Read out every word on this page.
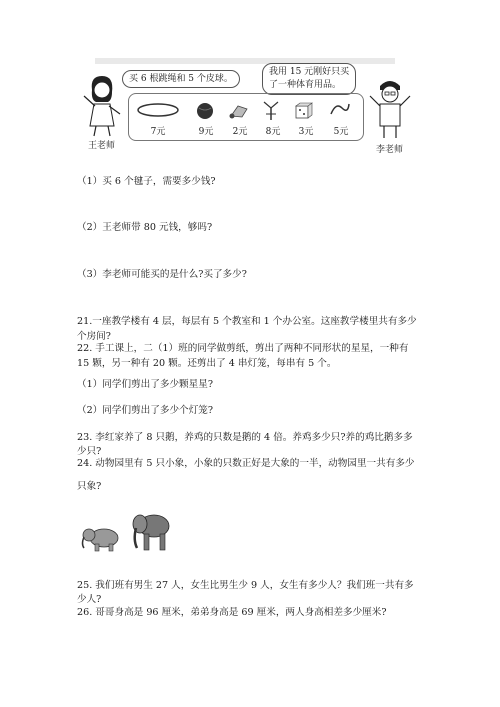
王老师	李老师
买 6 根跳绳和 5 个皮球。
我用 15 元刚好只买
了一种体育用品。
7元	9元	2元	8元	3元	5元
（1）买 6 个毽子，需要多少钱?
（2）王老师带 80 元钱，够吗?
（3）李老师可能买的是什么?买了多少?
21.一座教学楼有 4 层，每层有 5 个教室和 1 个办公室。这座教学楼里共有多少
个房间?
22. 手工课上，二（1）班的同学做剪纸，剪出了两种不同形状的星星，一种有
15 颗，另一种有 20 颗。还剪出了 4 串灯笼，每串有 5 个。
（1）同学们剪出了多少颗星星?
（2）同学们剪出了多少个灯笼?
23. 李红家养了 8 只鹅，养鸡的只数是鹅的 4 倍。养鸡多少只?养的鸡比鹅多多
少只?
24. 动物园里有 5 只小象，小象的只数正好是大象的一半，动物园里一共有多少
只象?
25. 我们班有男生 27 人，女生比男生少 9 人，女生有多少人？我们班一共有多
少人?
26. 哥哥身高是 96 厘米，弟弟身高是 69 厘米，两人身高相差多少厘米?
